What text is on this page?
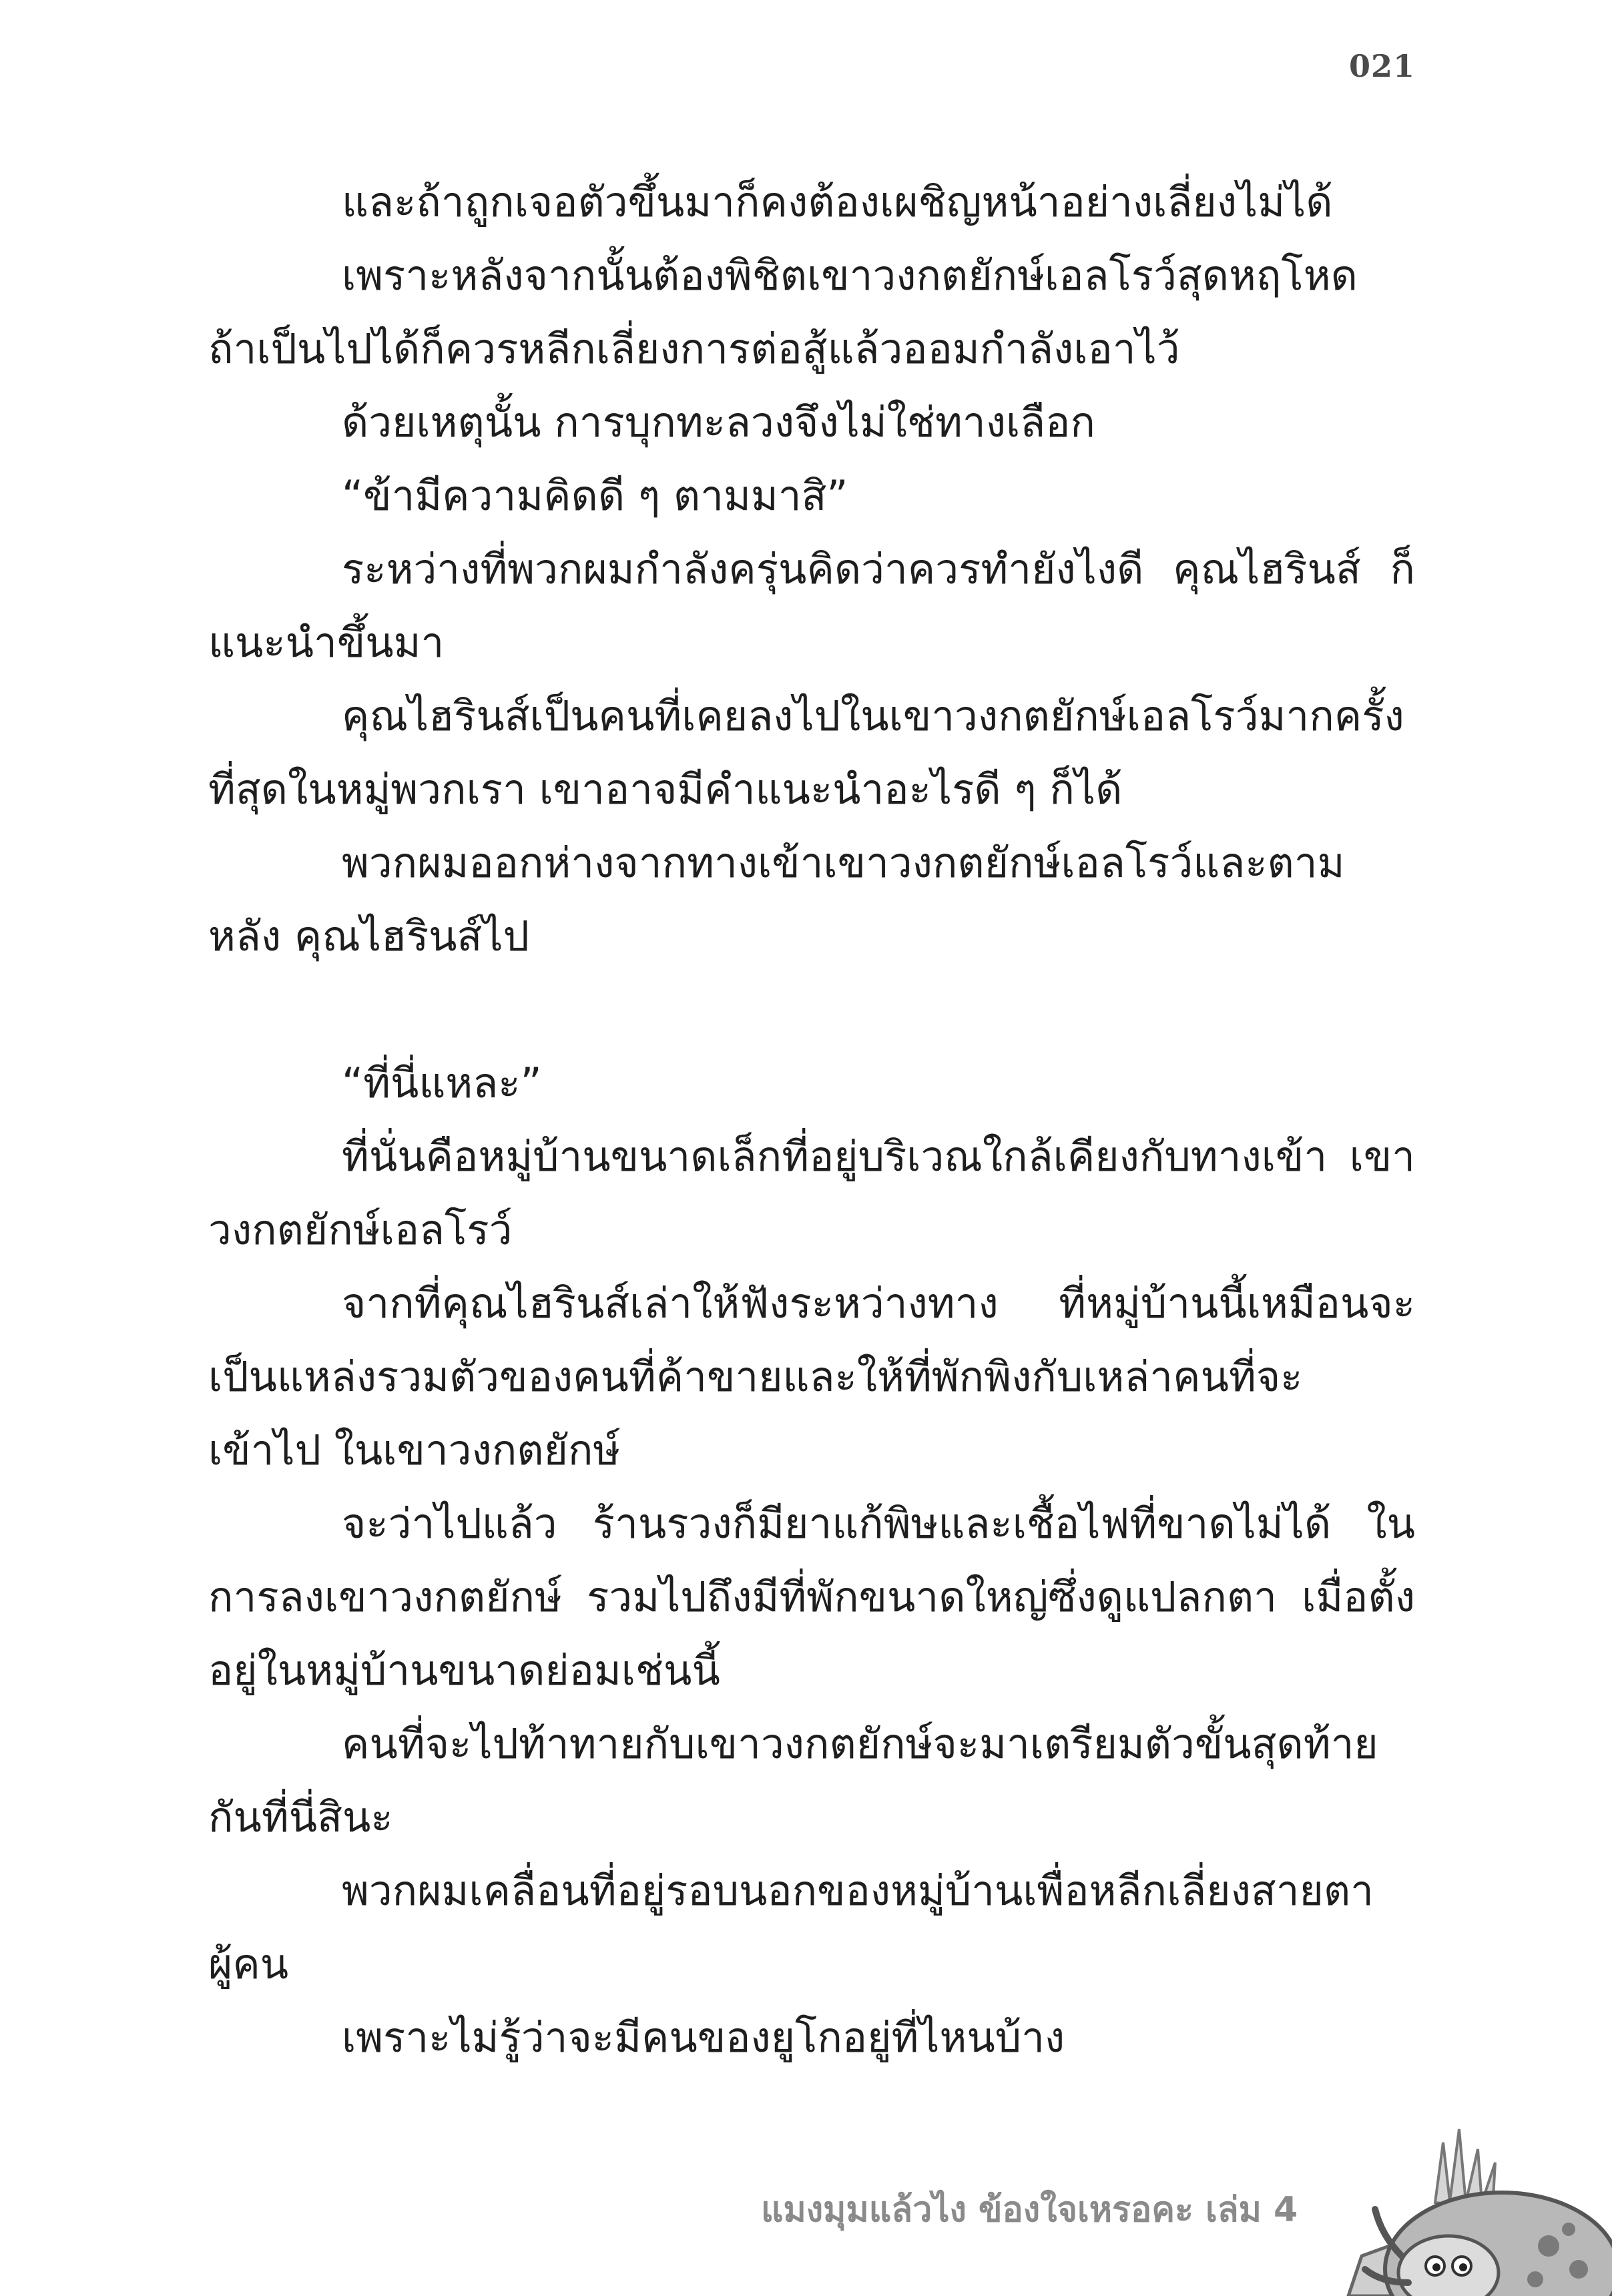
021

และถ้าถูกเจอตัวขึ้นมาก็คงต้องเผชิญหน้าอย่างเลี่ยงไม่ได้

เพราะหลังจากนั้นต้องพิชิตเขาวงกตยักษ์เอลโรว์สุดหฤโหด ถ้าเป็นไปได้ก็ควรหลีกเลี่ยงการต่อสู้แล้วออมกำลังเอาไว้

ด้วยเหตุนั้น การบุกทะลวงจึงไม่ใช่ทางเลือก

“ข้ามีความคิดดี ๆ ตามมาสิ”

ระหว่างที่พวกผมกำลังครุ่นคิดว่าควรทำยังไงดี คุณไฮรินส์ ก็แนะนำขึ้นมา

คุณไฮรินส์เป็นคนที่เคยลงไปในเขาวงกตยักษ์เอลโรว์มากครั้ง ที่สุดในหมู่พวกเรา เขาอาจมีคำแนะนำอะไรดี ๆ ก็ได้

พวกผมออกห่างจากทางเข้าเขาวงกตยักษ์เอลโรว์และตามหลัง คุณไฮรินส์ไป

“ที่นี่แหละ”

ที่นั่นคือหมู่บ้านขนาดเล็กที่อยู่บริเวณใกล้เคียงกับทางเข้า เขาวงกตยักษ์เอลโรว์

จากที่คุณไฮรินส์เล่าให้ฟังระหว่างทาง ที่หมู่บ้านนี้เหมือนจะ เป็นแหล่งรวมตัวของคนที่ค้าขายและให้ที่พักพิงกับเหล่าคนที่จะเข้าไป ในเขาวงกตยักษ์

จะว่าไปแล้ว ร้านรวงก็มียาแก้พิษและเชื้อไฟที่ขาดไม่ได้ ในการลงเขาวงกตยักษ์ รวมไปถึงมีที่พักขนาดใหญ่ซึ่งดูแปลกตา เมื่อตั้งอยู่ในหมู่บ้านขนาดย่อมเช่นนี้

คนที่จะไปท้าทายกับเขาวงกตยักษ์จะมาเตรียมตัวขั้นสุดท้าย กันที่นี่สินะ

พวกผมเคลื่อนที่อยู่รอบนอกของหมู่บ้านเพื่อหลีกเลี่ยงสายตา ผู้คน

เพราะไม่รู้ว่าจะมีคนของยูโกอยู่ที่ไหนบ้าง

แมงมุมแล้วไง ข้องใจเหรอคะ เล่ม 4
